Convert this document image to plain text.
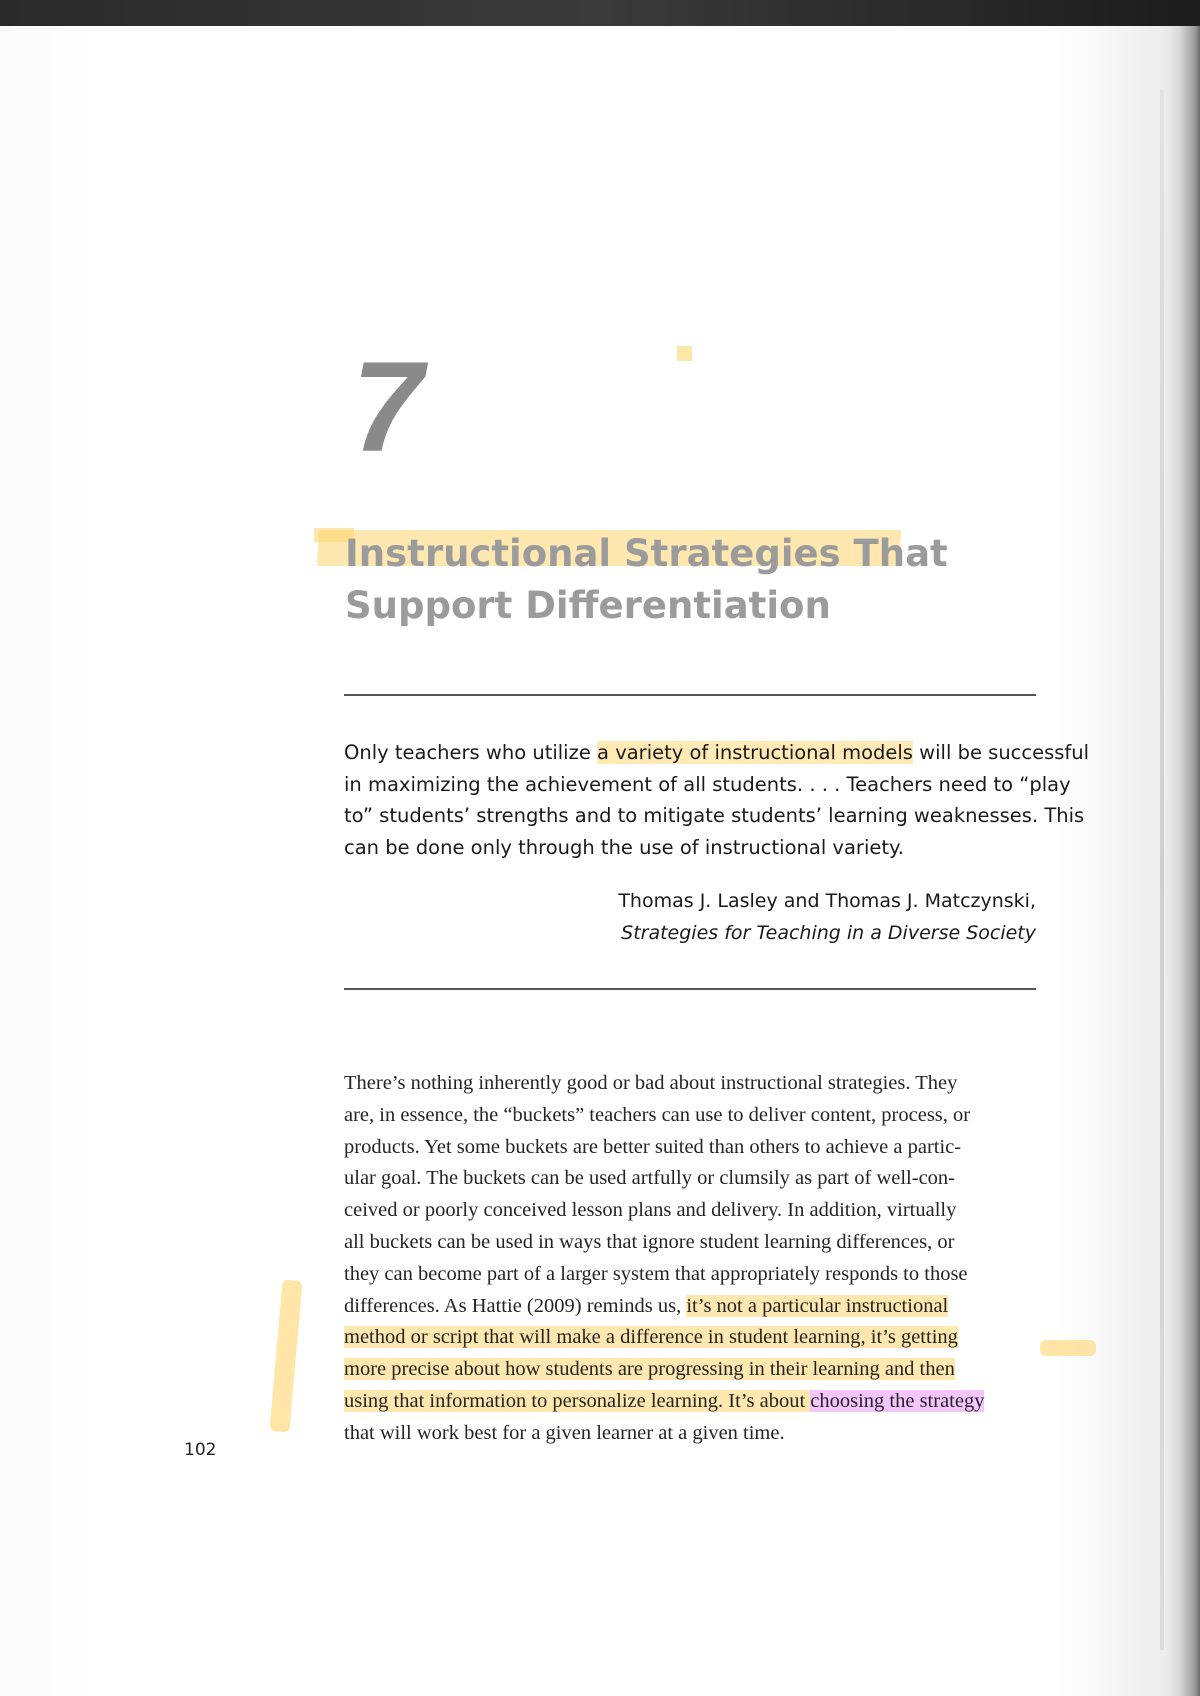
7
Instructional Strategies That
Support Differentiation

Only teachers who utilize a variety of instructional models will be successful
in maximizing the achievement of all students. . . . Teachers need to “play
to” students’ strengths and to mitigate students’ learning weaknesses. This
can be done only through the use of instructional variety.

Thomas J. Lasley and Thomas J. Matczynski,
Strategies for Teaching in a Diverse Society

There’s nothing inherently good or bad about instructional strategies. They
are, in essence, the “buckets” teachers can use to deliver content, process, or
products. Yet some buckets are better suited than others to achieve a partic-
ular goal. The buckets can be used artfully or clumsily as part of well-con-
ceived or poorly conceived lesson plans and delivery. In addition, virtually
all buckets can be used in ways that ignore student learning differences, or
they can become part of a larger system that appropriately responds to those
differences. As Hattie (2009) reminds us, it’s not a particular instructional
method or script that will make a difference in student learning, it’s getting
more precise about how students are progressing in their learning and then
using that information to personalize learning. It’s about choosing the strategy
that will work best for a given learner at a given time.

102
